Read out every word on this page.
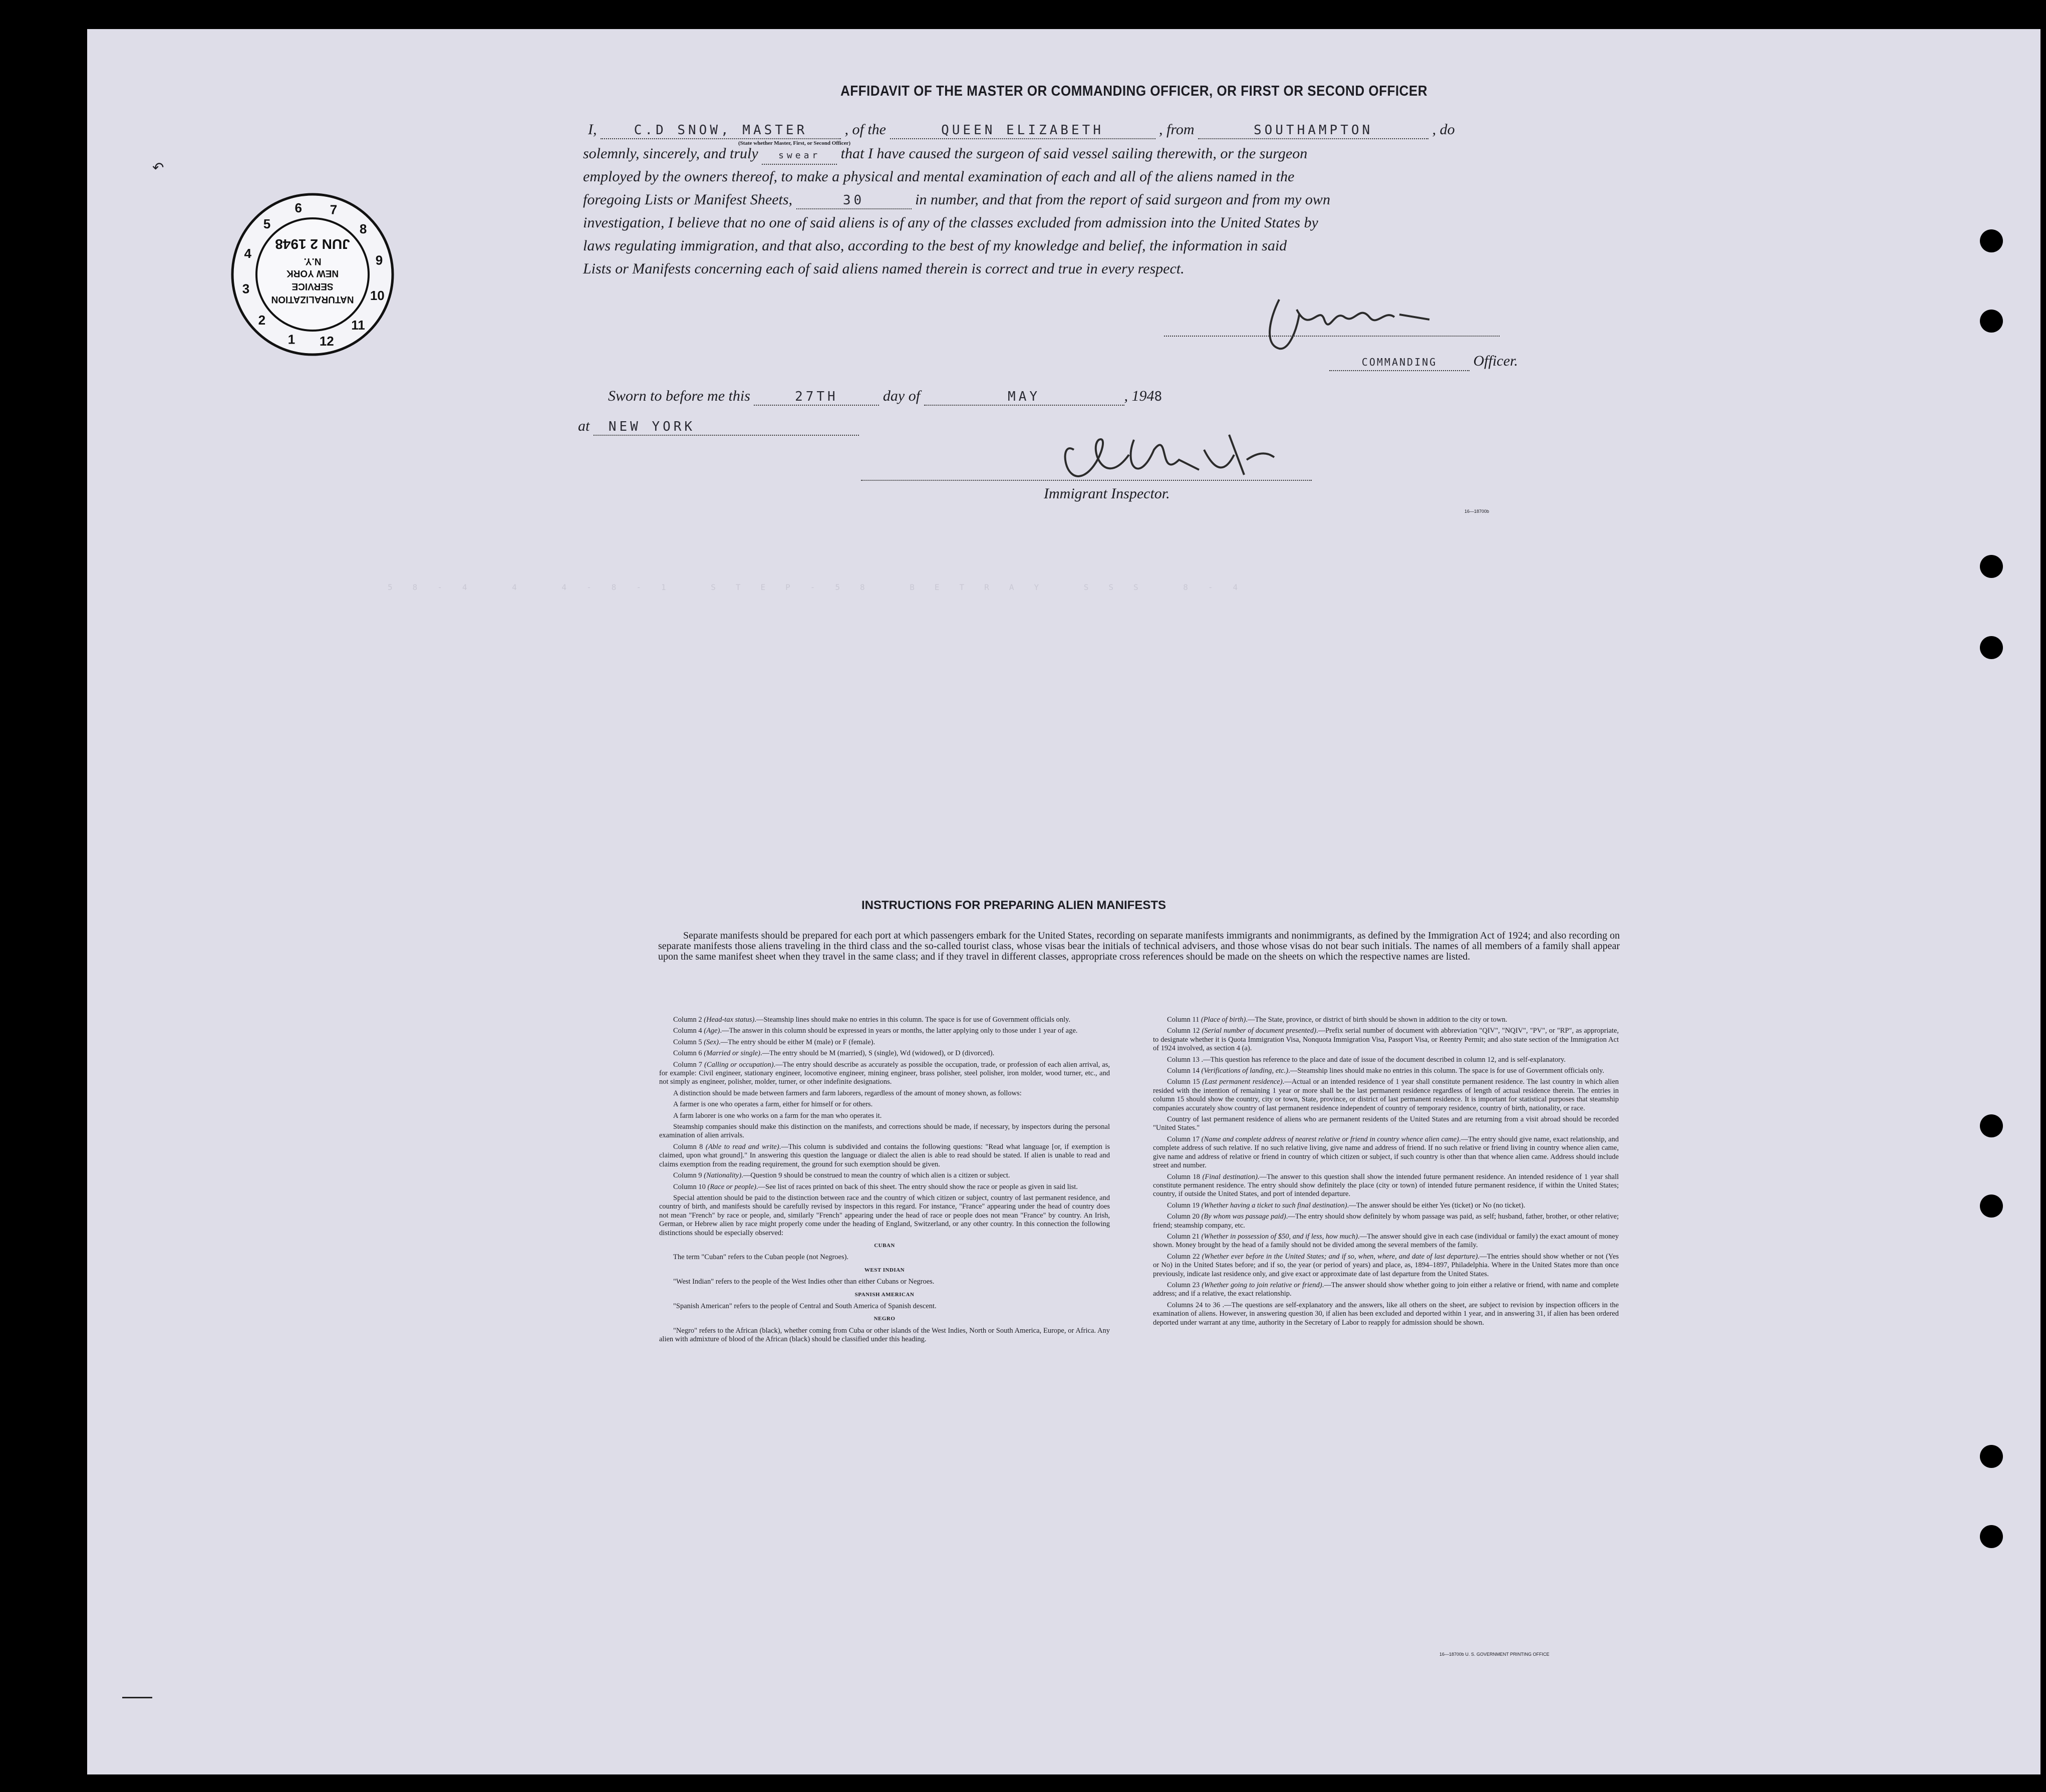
AFFIDAVIT OF THE MASTER OR COMMANDING OFFICER, OR FIRST OR SECOND OFFICER
I,	C.D SNOW, MASTER , of the	QUEEN ELIZABETH	, from	SOUTHAMPTON	, do
(State whether Master, First, or Second Officer)
solemnly, sincerely, and truly swear that I have caused the surgeon of said vessel sailing therewith, or the surgeon
employed by the owners thereof, to make a physical and mental examination of each and all of the aliens named in the
foregoing Lists or Manifest Sheets,	30	in number, and that from the report of said surgeon and from my own
investigation, I believe that no one of said aliens is of any of the classes excluded from admission into the United States by
laws regulating immigration, and that also, according to the best of my knowledge and belief, the information in said
Lists or Manifests concerning each of said aliens named therein is correct and true in every respect.
COMMANDING Officer.
Sworn to before me this	27TH	day of	MAY	, 1948
at NEW YORK
Immigrant Inspector.
16—18700b
58-4 4 4-8-1 STEP-58 BETRAY SSS 8-4
NATURALIZATION
SERVICE
NEW YORK
N.Y.
JUN 2 1948
1
2
3
4
5
6 7
8
9
10
11
12
INSTRUCTIONS FOR PREPARING ALIEN MANIFESTS
Separate manifests should be prepared for each port at which passengers embark for the United States, recording on separate manifests immigrants and nonimmigrants, as defined by the Immigration Act of 1924; and also recording on separate manifests those aliens traveling in the third class and the so-called tourist class, whose visas bear the initials of technical advisers, and those whose visas do not bear such initials. The names of all members of a family shall appear upon the same manifest sheet when they travel in the same class; and if they travel in different classes, appropriate cross references should be made on the sheets on which the respective names are listed.

Column 2 (Head-tax status).—Steamship lines should make no entries in this column. The space is for use of Government officials only.

Column 4 (Age).—The answer in this column should be expressed in years or months, the latter applying only to those under 1 year of age.

Column 5 (Sex).—The entry should be either M (male) or F (female).

Column 6 (Married or single).—The entry should be M (married), S (single), Wd (widowed), or D (divorced).

Column 7 (Calling or occupation).—The entry should describe as accurately as possible the occupation, trade, or profession of each alien arrival, as, for example: Civil engineer, stationary engineer, locomotive engineer, mining engineer, brass polisher, steel polisher, iron molder, wood turner, etc., and not simply as engineer, polisher, molder, turner, or other indefinite designations.

A distinction should be made between farmers and farm laborers, regardless of the amount of money shown, as follows:

A farmer is one who operates a farm, either for himself or for others.

A farm laborer is one who works on a farm for the man who operates it.

Steamship companies should make this distinction on the manifests, and corrections should be made, if necessary, by inspectors during the personal examination of alien arrivals.

Column 8 (Able to read and write).—This column is subdivided and contains the following questions: "Read what language [or, if exemption is claimed, upon what ground]." In answering this question the language or dialect the alien is able to read should be stated. If alien is unable to read and claims exemption from the reading requirement, the ground for such exemption should be given.

Column 9 (Nationality).—Question 9 should be construed to mean the country of which alien is a citizen or subject.

Column 10 (Race or people).—See list of races printed on back of this sheet. The entry should show the race or people as given in said list.

Special attention should be paid to the distinction between race and the country of which citizen or subject, country of last permanent residence, and country of birth, and manifests should be carefully revised by inspectors in this regard. For instance, "France" appearing under the head of country does not mean "French" by race or people, and, similarly "French" appearing under the head of race or people does not mean "France" by country. An Irish, German, or Hebrew alien by race might properly come under the heading of England, Switzerland, or any other country. In this connection the following distinctions should be especially observed:

CUBAN

The term "Cuban" refers to the Cuban people (not Negroes).

WEST INDIAN

"West Indian" refers to the people of the West Indies other than either Cubans or Negroes.

SPANISH AMERICAN

"Spanish American" refers to the people of Central and South America of Spanish descent.

NEGRO

"Negro" refers to the African (black), whether coming from Cuba or other islands of the West Indies, North or South America, Europe, or Africa. Any alien with admixture of blood of the African (black) should be classified under this heading.

Column 11 (Place of birth).—The State, province, or district of birth should be shown in addition to the city or town.

Column 12 (Serial number of document presented).—Prefix serial number of document with abbreviation "QIV", "NQIV", "PV", or "RP", as appropriate, to designate whether it is Quota Immigration Visa, Nonquota Immigration Visa, Passport Visa, or Reentry Permit; and also state section of the Immigration Act of 1924 involved, as section 4 (a).

Column 13 .—This question has reference to the place and date of issue of the document described in column 12, and is self-explanatory.

Column 14 (Verifications of landing, etc.).—Steamship lines should make no entries in this column. The space is for use of Government officials only.

Column 15 (Last permanent residence).—Actual or an intended residence of 1 year shall constitute permanent residence. The last country in which alien resided with the intention of remaining 1 year or more shall be the last permanent residence regardless of length of actual residence therein. The entries in column 15 should show the country, city or town, State, province, or district of last permanent residence. It is important for statistical purposes that steamship companies accurately show country of last permanent residence independent of country of temporary residence, country of birth, nationality, or race.

Country of last permanent residence of aliens who are permanent residents of the United States and are returning from a visit abroad should be recorded "United States."

Column 17 (Name and complete address of nearest relative or friend in country whence alien came).—The entry should give name, exact relationship, and complete address of such relative. If no such relative living, give name and address of friend. If no such relative or friend living in country whence alien came, give name and address of relative or friend in country of which citizen or subject, if such country is other than that whence alien came. Address should include street and number.

Column 18 (Final destination).—The answer to this question shall show the intended future permanent residence. An intended residence of 1 year shall constitute permanent residence. The entry should show definitely the place (city or town) of intended future permanent residence, if within the United States; country, if outside the United States, and port of intended departure.

Column 19 (Whether having a ticket to such final destination).—The answer should be either Yes (ticket) or No (no ticket).

Column 20 (By whom was passage paid).—The entry should show definitely by whom passage was paid, as self; husband, father, brother, or other relative; friend; steamship company, etc.

Column 21 (Whether in possession of $50, and if less, how much).—The answer should give in each case (individual or family) the exact amount of money shown. Money brought by the head of a family should not be divided among the several members of the family.

Column 22 (Whether ever before in the United States; and if so, when, where, and date of last departure).—The entries should show whether or not (Yes or No) in the United States before; and if so, the year (or period of years) and place, as, 1894–1897, Philadelphia. Where in the United States more than once previously, indicate last residence only, and give exact or approximate date of last departure from the United States.

Column 23 (Whether going to join relative or friend).—The answer should show whether going to join either a relative or friend, with name and complete address; and if a relative, the exact relationship.

Columns 24 to 36 .—The questions are self-explanatory and the answers, like all others on the sheet, are subject to revision by inspection officers in the examination of aliens. However, in answering question 30, if alien has been excluded and deported within 1 year, and in answering 31, if alien has been ordered deported under warrant at any time, authority in the Secretary of Labor to reapply for admission should be shown.

16—18700b U. S. GOVERNMENT PRINTING OFFICE
↶
